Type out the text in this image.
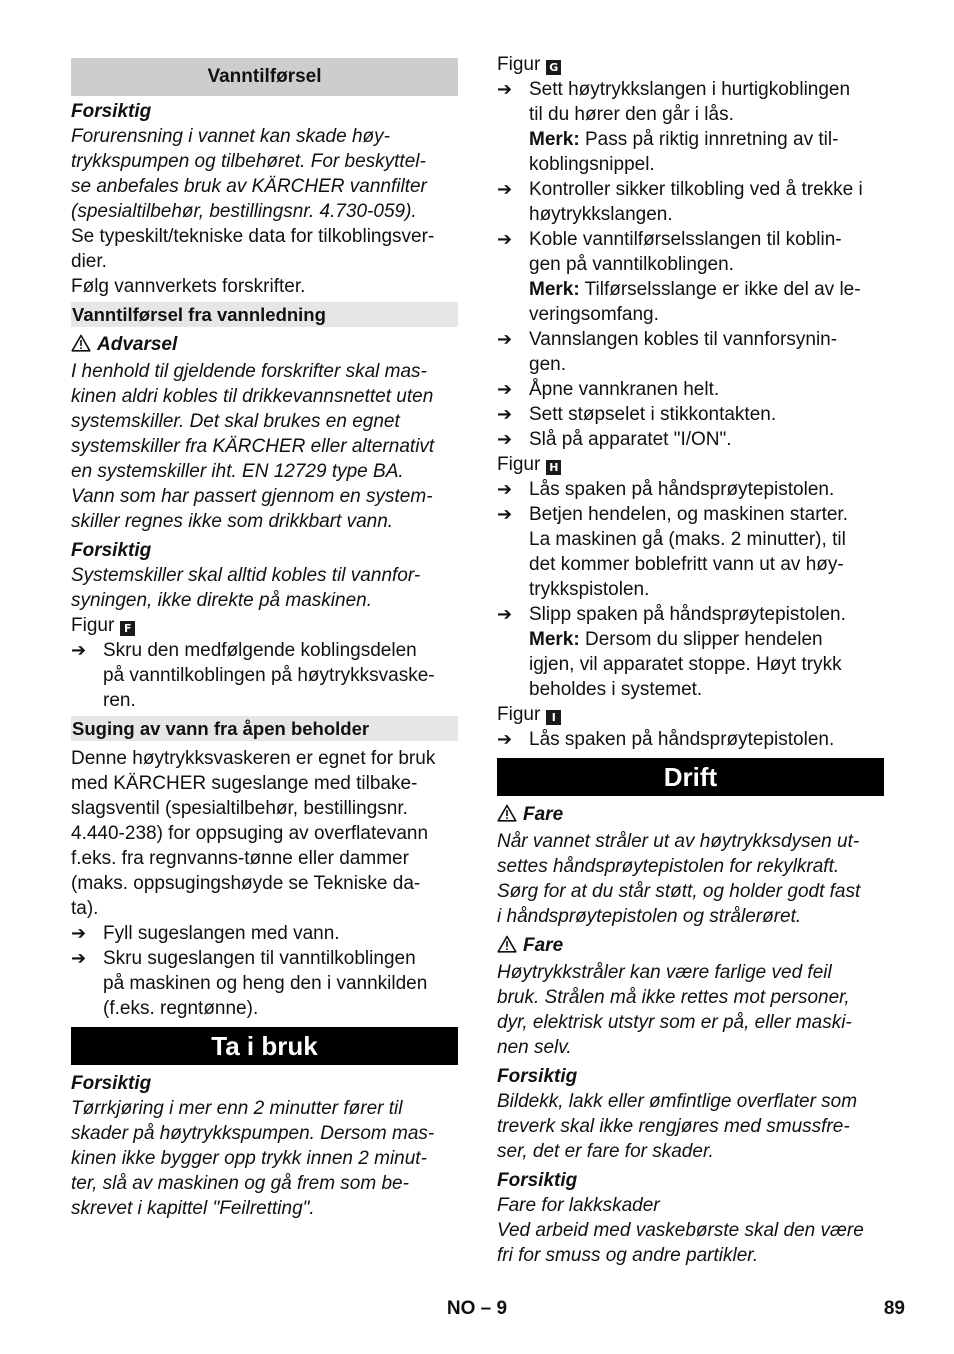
Vanntilførsel
Forsiktig
Forurensning i vannet kan skade høy-
trykkspumpen og tilbehøret. For beskyttel-
se anbefales bruk av KÄRCHER vannfilter
(spesialtilbehør, bestillingsnr. 4.730-059).
Se typeskilt/tekniske data for tilkoblingsver-
dier.
Følg vannverkets forskrifter.
Vanntilførsel fra vannledning
Advarsel
I henhold til gjeldende forskrifter skal mas-
kinen aldri kobles til drikkevannsnettet uten
systemskiller. Det skal brukes en egnet
systemskiller fra KÄRCHER eller alternativt
en systemskiller iht. EN 12729 type BA.
Vann som har passert gjennom en system-
skiller regnes ikke som drikkbart vann.
Forsiktig
Systemskiller skal alltid kobles til vannfor-
syningen, ikke direkte på maskinen.
Figur F
➔ Skru den medfølgende koblingsdelen
på vanntilkoblingen på høytrykksvaske-
ren.
Suging av vann fra åpen beholder
Denne høytrykksvaskeren er egnet for bruk
med KÄRCHER sugeslange med tilbake-
slagsventil (spesialtilbehør, bestillingsnr.
4.440-238) for oppsuging av overflatevann
f.eks. fra regnvanns-tønne eller dammer
(maks. oppsugingshøyde se Tekniske da-
ta).
➔ Fyll sugeslangen med vann.
➔ Skru sugeslangen til vanntilkoblingen
på maskinen og heng den i vannkilden
(f.eks. regntønne).
Ta i bruk
Forsiktig
Tørrkjøring i mer enn 2 minutter fører til
skader på høytrykkspumpen. Dersom mas-
kinen ikke bygger opp trykk innen 2 minut-
ter, slå av maskinen og gå frem som be-
skrevet i kapittel "Feilretting".
Figur G
➔ Sett høytrykkslangen i hurtigkoblingen
til du hører den går i lås.
Merk: Pass på riktig innretning av til-
koblingsnippel.
➔ Kontroller sikker tilkobling ved å trekke i
høytrykkslangen.
➔ Koble vanntilførselsslangen til koblin-
gen på vanntilkoblingen.
Merk: Tilførselsslange er ikke del av le-
veringsomfang.
➔ Vannslangen kobles til vannforsynin-
gen.
➔ Åpne vannkranen helt.
➔ Sett støpselet i stikkontakten.
➔ Slå på apparatet "I/ON".
Figur H
➔ Lås spaken på håndsprøytepistolen.
➔ Betjen hendelen, og maskinen starter.
La maskinen gå (maks. 2 minutter), til
det kommer boblefritt vann ut av høy-
trykkspistolen.
➔ Slipp spaken på håndsprøytepistolen.
Merk: Dersom du slipper hendelen
igjen, vil apparatet stoppe. Høyt trykk
beholdes i systemet.
Figur I
➔ Lås spaken på håndsprøytepistolen.
Drift
Fare
Når vannet stråler ut av høytrykksdysen ut-
settes håndsprøytepistolen for rekylkraft.
Sørg for at du står støtt, og holder godt fast
i håndsprøytepistolen og strålerøret.
Fare
Høytrykkstråler kan være farlige ved feil
bruk. Strålen må ikke rettes mot personer,
dyr, elektrisk utstyr som er på, eller maski-
nen selv.
Forsiktig
Bildekk, lakk eller ømfintlige overflater som
treverk skal ikke rengjøres med smussfre-
ser, det er fare for skader.
Forsiktig
Fare for lakkskader
Ved arbeid med vaskebørste skal den være
fri for smuss og andre partikler.
NO – 9	89
